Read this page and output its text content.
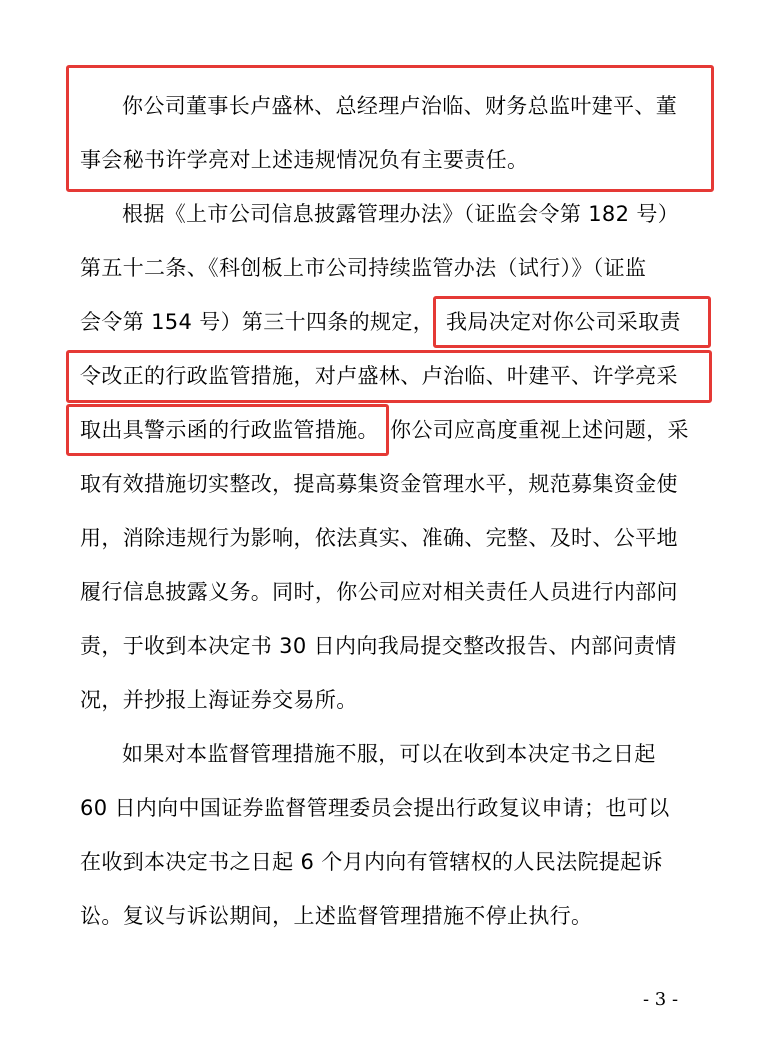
你公司董事长卢盛林、总经理卢治临、财务总监叶建平、董
事会秘书许学亮对上述违规情况负有主要责任。
根据《上市公司信息披露管理办法》（证监会令第 182 号）
第五十二条、《科创板上市公司持续监管办法（试行）》（证监
会令第 154 号）第三十四条的规定， 我局决定对你公司采取责
令改正的行政监管措施，对卢盛林、卢治临、叶建平、许学亮采
取出具警示函的行政监管措施。 你公司应高度重视上述问题，采
取有效措施切实整改，提高募集资金管理水平，规范募集资金使
用，消除违规行为影响，依法真实、准确、完整、及时、公平地
履行信息披露义务。同时，你公司应对相关责任人员进行内部问
责，于收到本决定书 30 日内向我局提交整改报告、内部问责情
况，并抄报上海证券交易所。
如果对本监督管理措施不服，可以在收到本决定书之日起
60 日内向中国证券监督管理委员会提出行政复议申请；也可以
在收到本决定书之日起 6 个月内向有管辖权的人民法院提起诉
讼。复议与诉讼期间，上述监督管理措施不停止执行。
- 3 -
